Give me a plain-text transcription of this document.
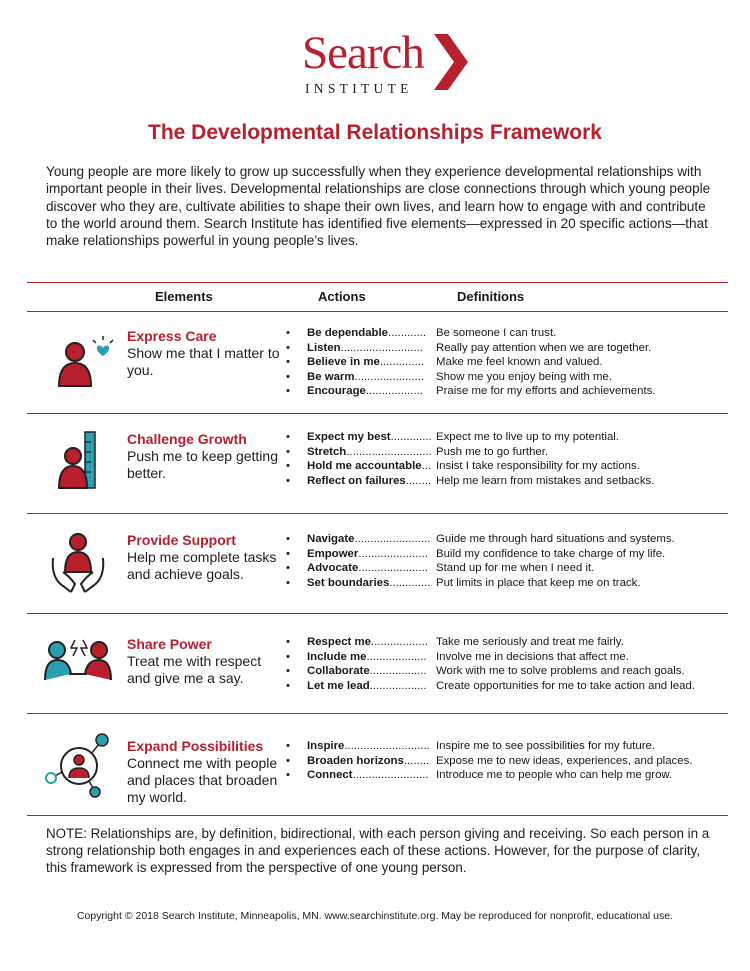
Search
INSTITUTE
The Developmental Relationships Framework
Young people are more likely to grow up successfully when they experience developmental relationships with important people in their lives. Developmental relationships are close connections through which young people discover who they are, cultivate abilities to shape their own lives, and learn how to engage with and contribute to the world around them. Search Institute has identified five elements—expressed in 20 specific actions—that make relationships powerful in young people’s lives.
Elements	Actions	Definitions
Express Care
Show me that I matter to you.
• Be dependable............ Be someone I can trust.
• Listen.......................... Really pay attention when we are together.
• Believe in me.............. Make me feel known and valued.
• Be warm...................... Show me you enjoy being with me.
• Encourage.................. Praise me for my efforts and achievements.
Challenge Growth
Push me to keep getting better.
• Expect my best............. Expect me to live up to my potential.
• Stretch........................... Push me to go further.
• Hold me accountable... Insist I take responsibility for my actions.
• Reflect on failures........ Help me learn from mistakes and setbacks.
Provide Support
Help me complete tasks and achieve goals.
• Navigate........................ Guide me through hard situations and systems.
• Empower...................... Build my confidence to take charge of my life.
• Advocate...................... Stand up for me when I need it.
• Set boundaries............. Put limits in place that keep me on track.
Share Power
Treat me with respect and give me a say.
• Respect me.................. Take me seriously and treat me fairly.
• Include me................... Involve me in decisions that affect me.
• Collaborate.................. Work with me to solve problems and reach goals.
• Let me lead.................. Create opportunities for me to take action and lead.
Expand Possibilities
Connect me with people and places that broaden my world.
• Inspire........................... Inspire me to see possibilities for my future.
• Broaden horizons........ Expose me to new ideas, experiences, and places.
• Connect........................ Introduce me to people who can help me grow.
NOTE: Relationships are, by definition, bidirectional, with each person giving and receiving. So each person in a strong relationship both engages in and experiences each of these actions. However, for the purpose of clarity, this framework is expressed from the perspective of one young person.
Copyright © 2018 Search Institute, Minneapolis, MN. www.searchinstitute.org. May be reproduced for nonprofit, educational use.
